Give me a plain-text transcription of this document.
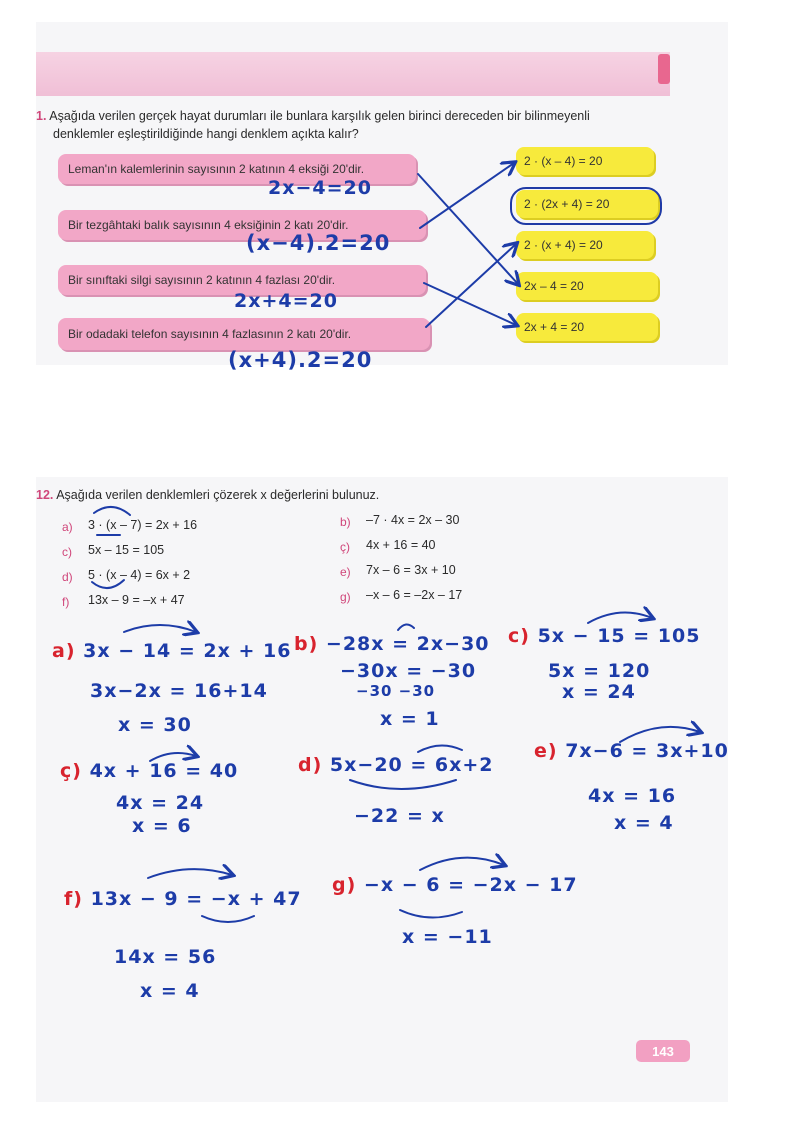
1. Aşağıda verilen gerçek hayat durumları ile bunlara karşılık gelen birinci dereceden bir bilinmeyenli
denklemler eşleştirildiğinde hangi denklem açıkta kalır?
Leman'ın kalemlerinin sayısının 2 katının 4 eksiği 20'dir.
Bir tezgâhtaki balık sayısının 4 eksiğinin 2 katı 20'dir.
Bir sınıftaki silgi sayısının 2 katının 4 fazlası 20'dir.
Bir odadaki telefon sayısının 4 fazlasının 2 katı 20'dir.
2 · (x – 4) = 20
2 · (2x + 4) = 20
2 · (x + 4) = 20
2x – 4 = 20
2x + 4 = 20
2x−4=20
(x−4).2=20
2x+4=20
(x+4).2=20
12. Aşağıda verilen denklemleri çözerek x değerlerini bulunuz.
a) 3 · (x – 7) = 2x + 16	b) –7 · 4x = 2x – 30
c) 5x – 15 = 105	ç) 4x + 16 = 40
d) 5 · (x – 4) = 6x + 2	e) 7x – 6 = 3x + 10
f) 13x – 9 = –x + 47	g) –x – 6 = –2x – 17
a) 3x − 14 = 2x + 16
3x−2x = 16+14
x = 30
b) −28x = 2x−30
−30x = −30
−30 −30
x = 1
c) 5x − 15 = 105
5x = 120
x = 24
ç) 4x + 16 = 40
4x = 24
x = 6
d) 5x−20 = 6x+2
−22 = x
e) 7x−6 = 3x+10
4x = 16
x = 4
f) 13x − 9 = −x + 47
14x = 56
x = 4
g) −x − 6 = −2x − 17
x = −11
143
